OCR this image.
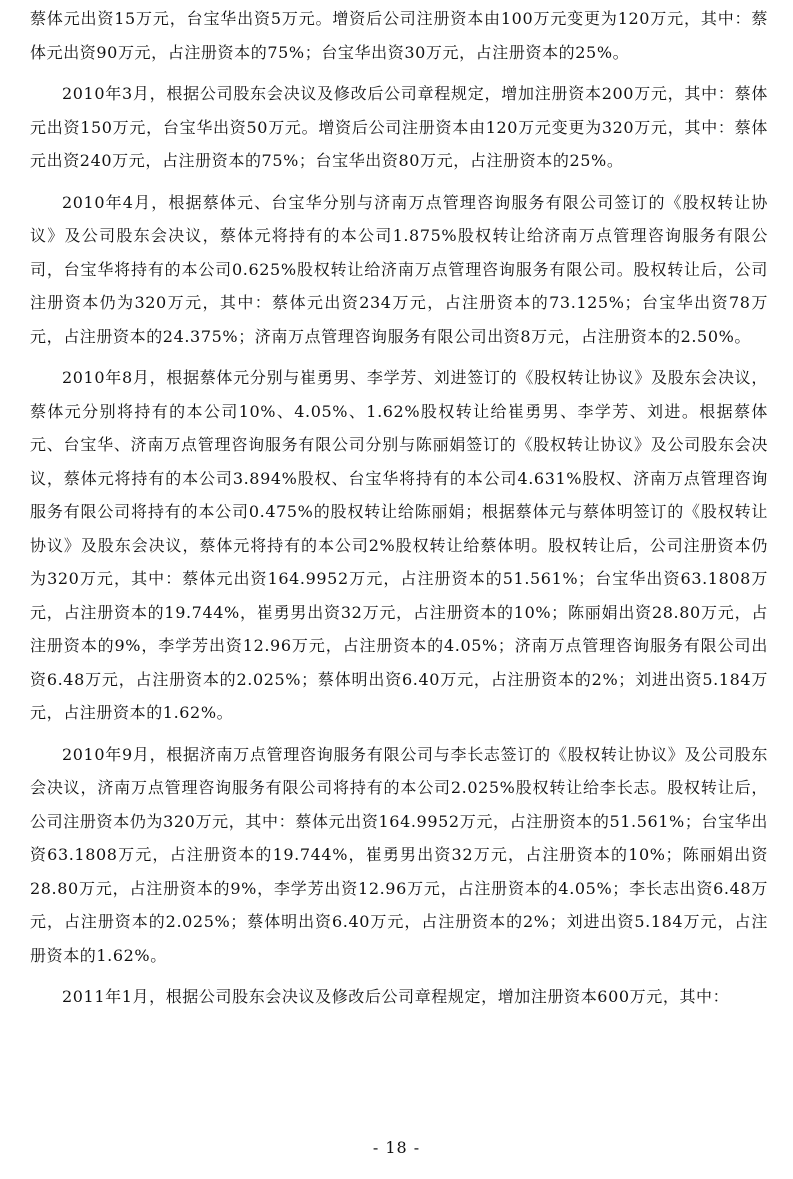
蔡体元出资15万元，台宝华出资5万元。增资后公司注册资本由100万元变更为120万元，其中：蔡体元出资90万元，占注册资本的75%；台宝华出资30万元，占注册资本的25%。

2010年3月，根据公司股东会决议及修改后公司章程规定，增加注册资本200万元，其中：蔡体元出资150万元，台宝华出资50万元。增资后公司注册资本由120万元变更为320万元，其中：蔡体元出资240万元，占注册资本的75%；台宝华出资80万元，占注册资本的25%。

2010年4月，根据蔡体元、台宝华分别与济南万点管理咨询服务有限公司签订的《股权转让协议》及公司股东会决议，蔡体元将持有的本公司1.875%股权转让给济南万点管理咨询服务有限公司，台宝华将持有的本公司0.625%股权转让给济南万点管理咨询服务有限公司。股权转让后，公司注册资本仍为320万元，其中：蔡体元出资234万元，占注册资本的73.125%；台宝华出资78万元，占注册资本的24.375%；济南万点管理咨询服务有限公司出资8万元，占注册资本的2.50%。

2010年8月，根据蔡体元分别与崔勇男、李学芳、刘进签订的《股权转让协议》及股东会决议，蔡体元分别将持有的本公司10%、4.05%、1.62%股权转让给崔勇男、李学芳、刘进。根据蔡体元、台宝华、济南万点管理咨询服务有限公司分别与陈丽娟签订的《股权转让协议》及公司股东会决议，蔡体元将持有的本公司3.894%股权、台宝华将持有的本公司4.631%股权、济南万点管理咨询服务有限公司将持有的本公司0.475%的股权转让给陈丽娟；根据蔡体元与蔡体明签订的《股权转让协议》及股东会决议，蔡体元将持有的本公司2%股权转让给蔡体明。股权转让后，公司注册资本仍为320万元，其中：蔡体元出资164.9952万元，占注册资本的51.561%；台宝华出资63.1808万元，占注册资本的19.744%，崔勇男出资32万元，占注册资本的10%；陈丽娟出资28.80万元，占注册资本的9%，李学芳出资12.96万元，占注册资本的4.05%；济南万点管理咨询服务有限公司出资6.48万元，占注册资本的2.025%；蔡体明出资6.40万元，占注册资本的2%；刘进出资5.184万元，占注册资本的1.62%。

2010年9月，根据济南万点管理咨询服务有限公司与李长志签订的《股权转让协议》及公司股东会决议，济南万点管理咨询服务有限公司将持有的本公司2.025%股权转让给李长志。股权转让后，公司注册资本仍为320万元，其中：蔡体元出资164.9952万元，占注册资本的51.561%；台宝华出资63.1808万元，占注册资本的19.744%，崔勇男出资32万元，占注册资本的10%；陈丽娟出资28.80万元，占注册资本的9%，李学芳出资12.96万元，占注册资本的4.05%；李长志出资6.48万元，占注册资本的2.025%；蔡体明出资6.40万元，占注册资本的2%；刘进出资5.184万元，占注册资本的1.62%。

2011年1月，根据公司股东会决议及修改后公司章程规定，增加注册资本600万元，其中：

- 18 -
